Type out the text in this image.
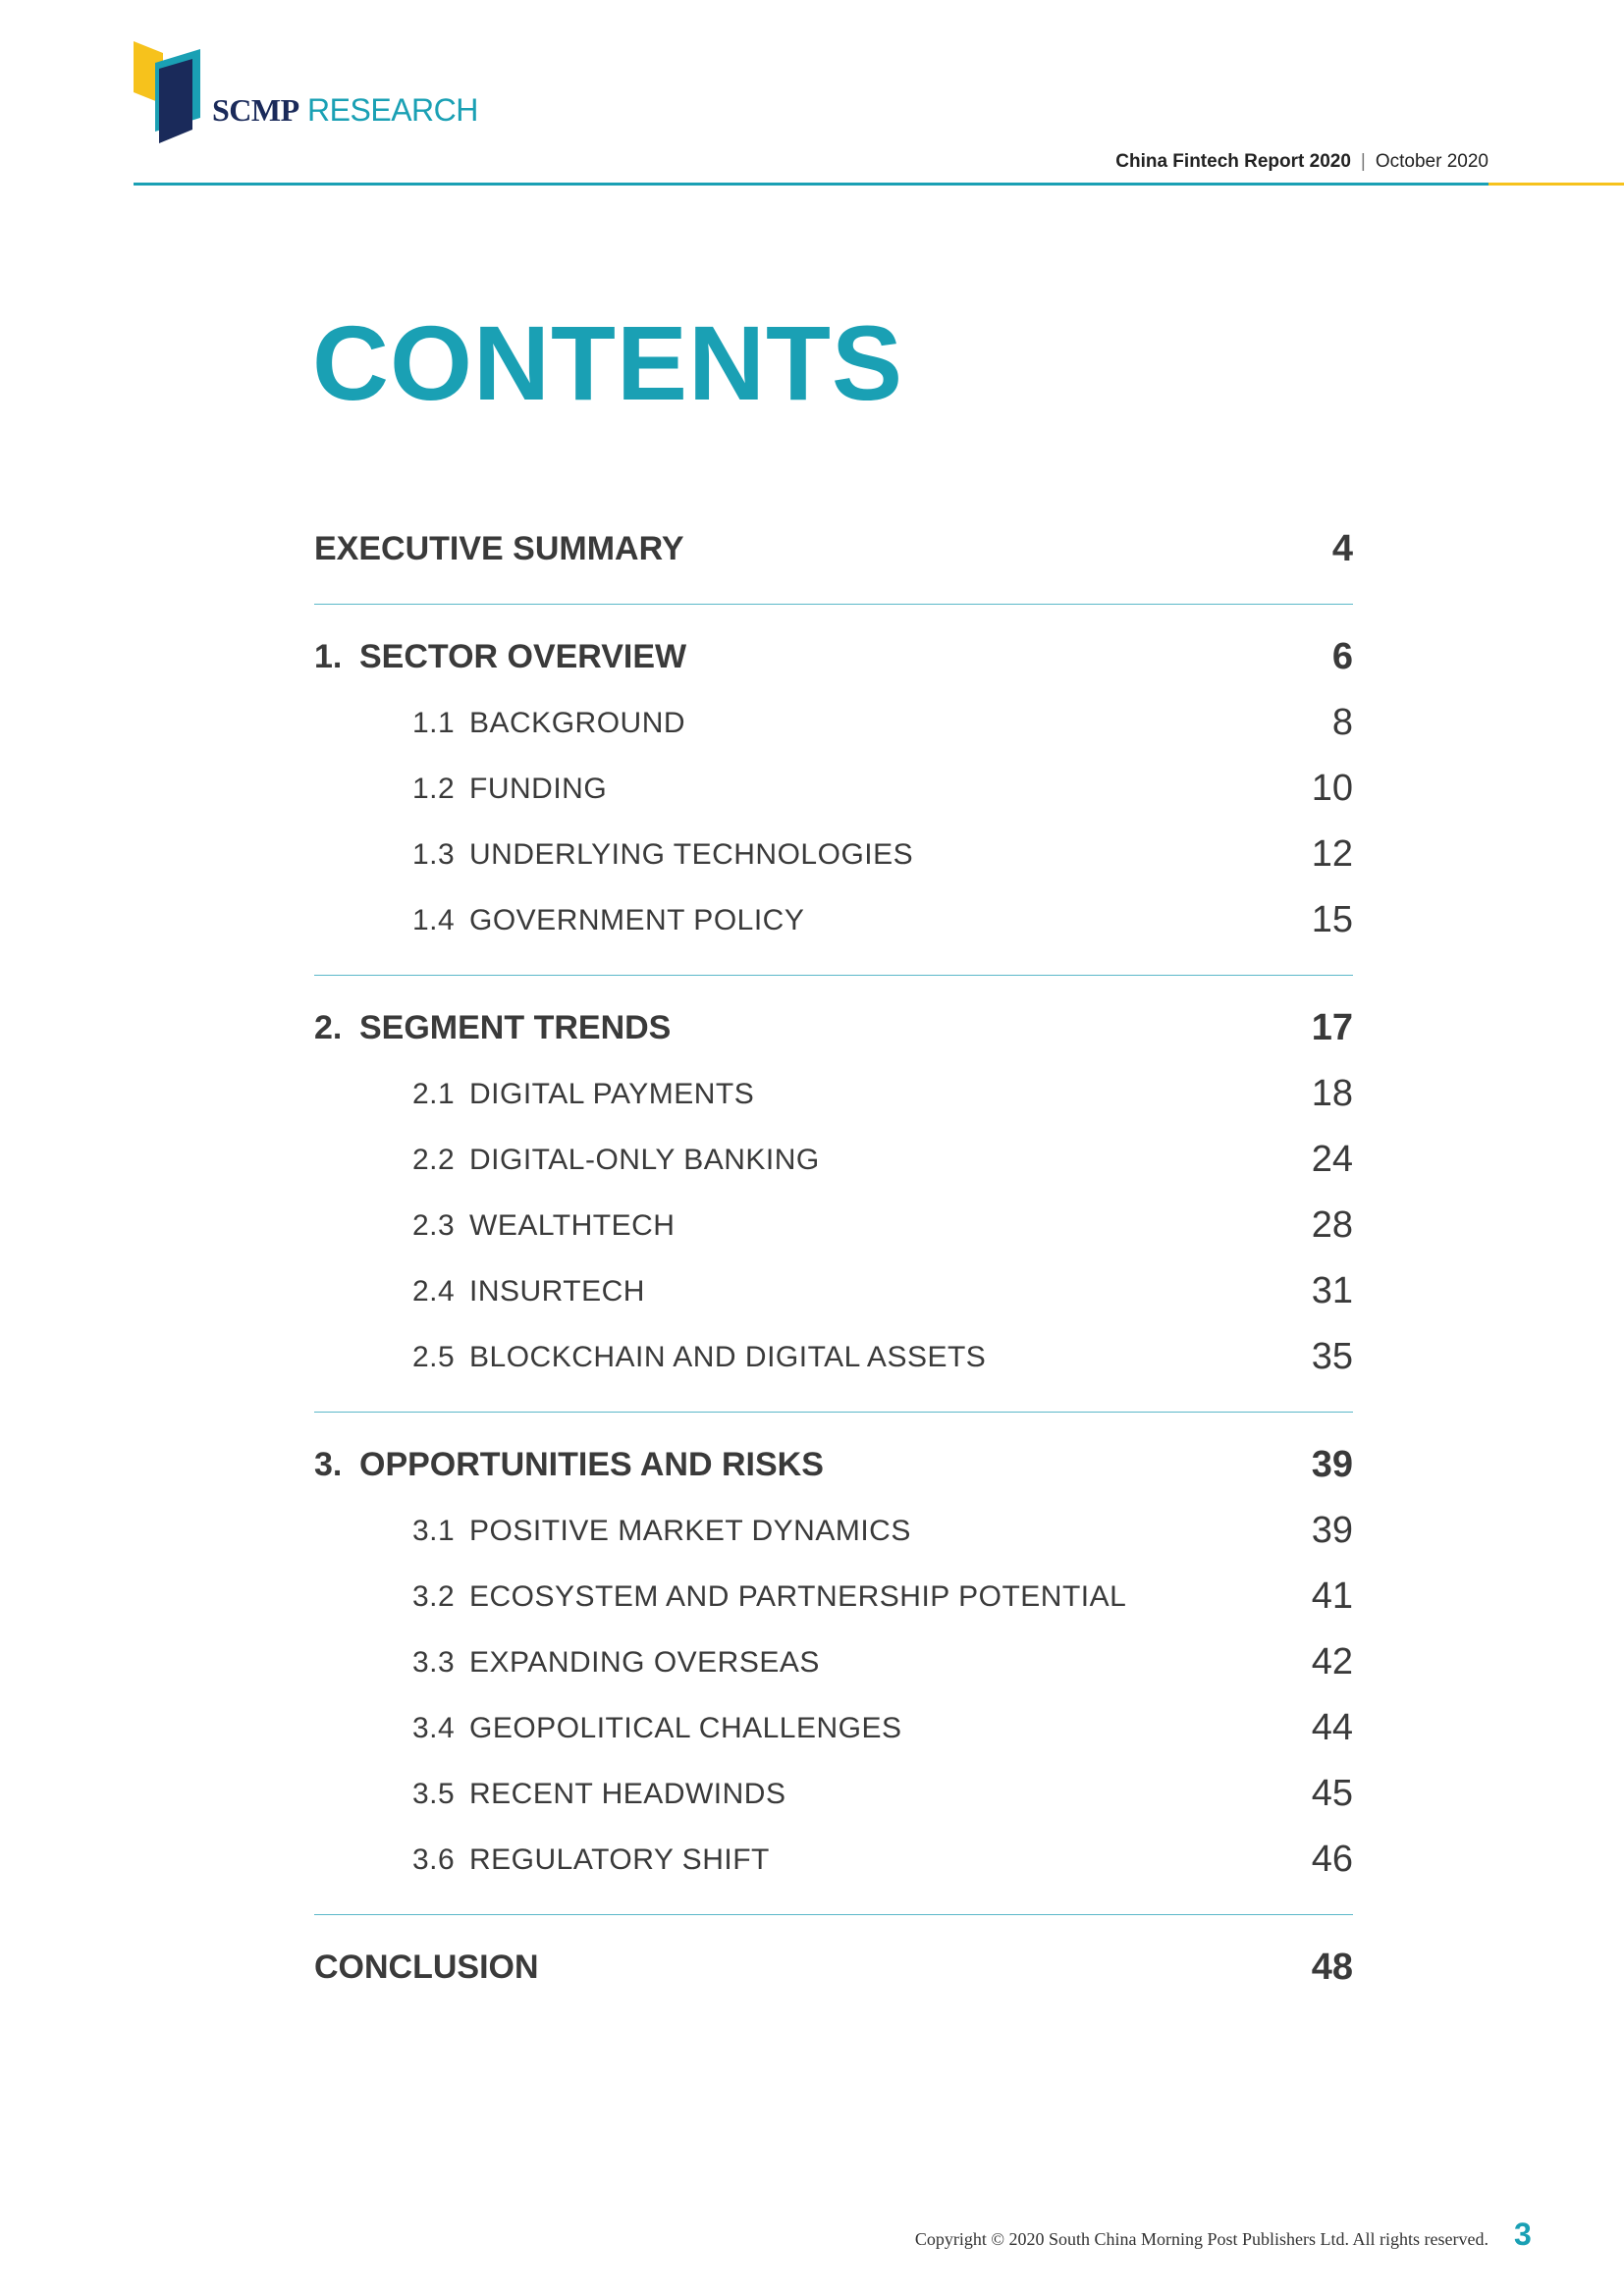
SCMP RESEARCH
China Fintech Report 2020 | October 2020
CONTENTS
EXECUTIVE SUMMARY	4
1. SECTOR OVERVIEW	6
1.1 BACKGROUND	8
1.2 FUNDING	10
1.3 UNDERLYING TECHNOLOGIES	12
1.4 GOVERNMENT POLICY	15
2. SEGMENT TRENDS	17
2.1 DIGITAL PAYMENTS	18
2.2 DIGITAL-ONLY BANKING	24
2.3 WEALTHTECH	28
2.4 INSURTECH	31
2.5 BLOCKCHAIN AND DIGITAL ASSETS	35
3. OPPORTUNITIES AND RISKS	39
3.1 POSITIVE MARKET DYNAMICS	39
3.2 ECOSYSTEM AND PARTNERSHIP POTENTIAL	41
3.3 EXPANDING OVERSEAS	42
3.4 GEOPOLITICAL CHALLENGES	44
3.5 RECENT HEADWINDS	45
3.6 REGULATORY SHIFT	46
CONCLUSION	48
Copyright © 2020 South China Morning Post Publishers Ltd. All rights reserved. 3
